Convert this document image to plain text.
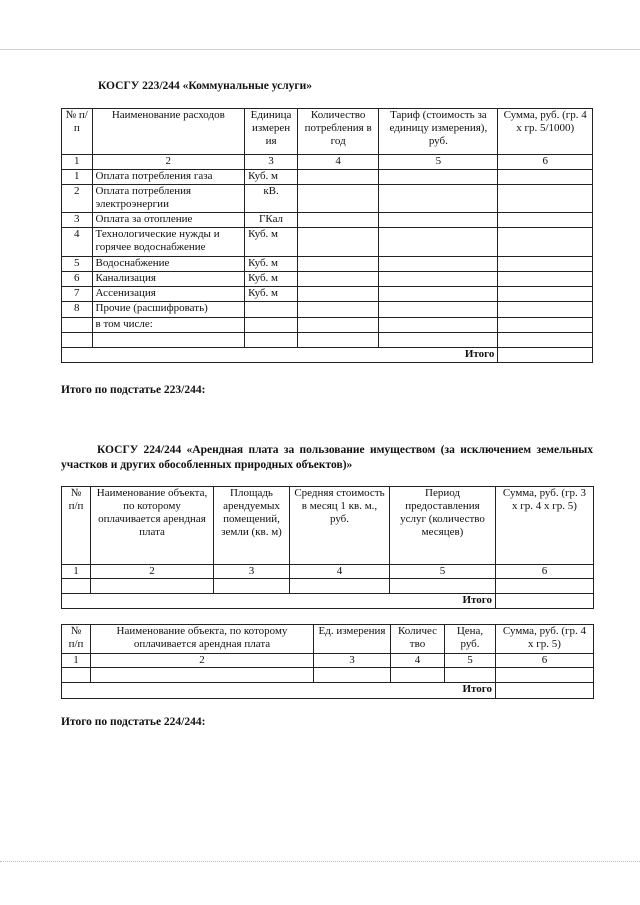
КОСГУ 223/244 «Коммунальные услуги»
№ п/п	Наименование расходов	Единица измерен ия	Количество потребления в год	Тариф (стоимость за единицу измерения), руб.	Сумма, руб. (гр. 4 х гр. 5/1000)
1	2	3	4	5	6
1	Оплата потребления газа	Куб. м			
2	Оплата потребления электроэнергии	кВ.			
3	Оплата за отопление	ГКал			
4	Технологические нужды и горячее водоснабжение	Куб. м			
5	Водоснабжение	Куб. м			
6	Канализация	Куб. м			
7	Ассенизация	Куб. м			
8	Прочие (расшифровать)				
	в том числе:				

Итого					
Итого по подстатье 223/244:
КОСГУ 224/244 «Арендная плата за пользование имуществом (за исключением земельных участков и других обособленных природных объектов)»
№ п/п	Наименование объекта, по которому оплачивается арендная плата	Площадь арендуемых помещений, земли (кв. м)	Средняя стоимость в месяц 1 кв. м., руб.	Период предоставления услуг (количество месяцев)	Сумма, руб. (гр. 3 х гр. 4 х гр. 5)
1	2	3	4	5	6

Итого					
№ п/п	Наименование объекта, по которому оплачивается арендная плата	Ед. измерения	Количес тво	Цена, руб.	Сумма, руб. (гр. 4 х гр. 5)
1	2	3	4	5	6

Итого					
Итого по подстатье 224/244:
